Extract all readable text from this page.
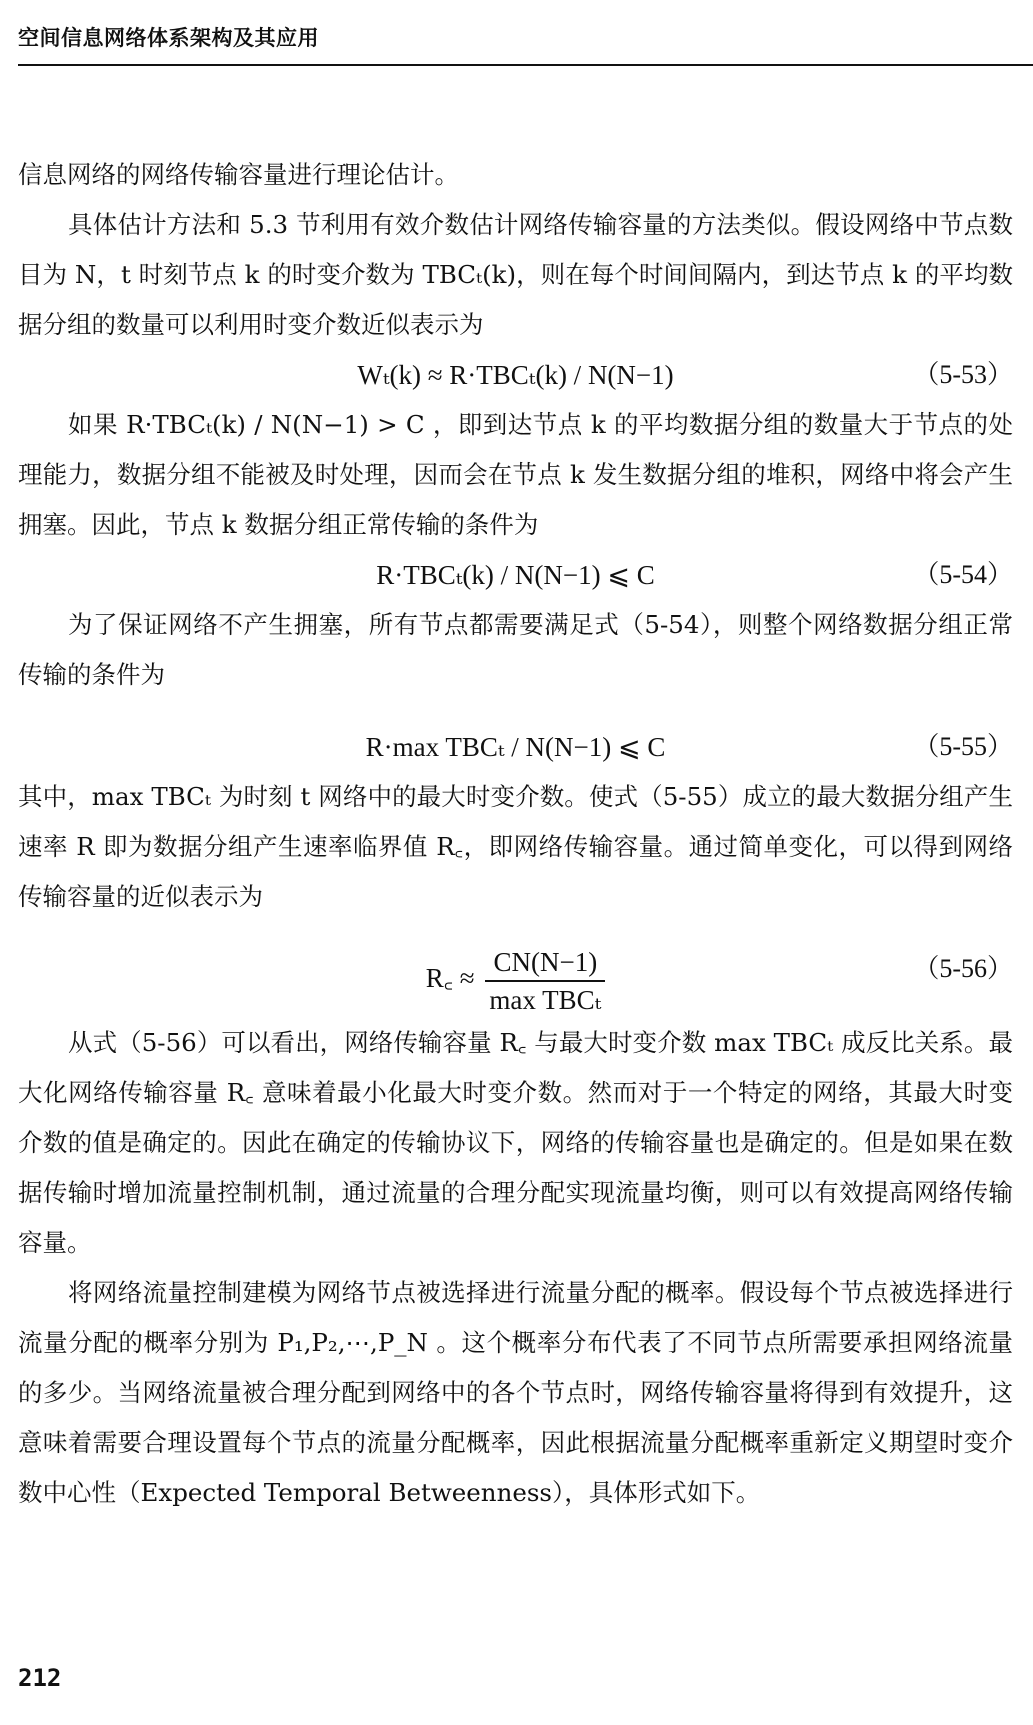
空间信息网络体系架构及其应用

信息网络的网络传输容量进行理论估计。

具体估计方法和 5.3 节利用有效介数估计网络传输容量的方法类似。假设网络中节点数目为 N，t 时刻节点 k 的时变介数为 TBCₜ(k)，则在每个时间间隔内，到达节点 k 的平均数据分组的数量可以利用时变介数近似表示为

Wₜ(k) ≈ R·TBCₜ(k) / N(N−1)	（5-53）

如果 R·TBCₜ(k) / N(N−1) > C ，即到达节点 k 的平均数据分组的数量大于节点的处理能力，数据分组不能被及时处理，因而会在节点 k 发生数据分组的堆积，网络中将会产生拥塞。因此，节点 k 数据分组正常传输的条件为

R·TBCₜ(k) / N(N−1) ⩽ C	（5-54）

为了保证网络不产生拥塞，所有节点都需要满足式（5-54），则整个网络数据分组正常传输的条件为

R·max TBCₜ / N(N−1) ⩽ C	（5-55）

其中，max TBCₜ 为时刻 t 网络中的最大时变介数。使式（5-55）成立的最大数据分组产生速率 R 即为数据分组产生速率临界值 R꜀，即网络传输容量。通过简单变化，可以得到网络传输容量的近似表示为

R꜀ ≈ $\frac{CN(N-1)}{\text{max TBCₜ}}$	（5-56）

从式（5-56）可以看出，网络传输容量 R꜀ 与最大时变介数 max TBCₜ 成反比关系。最大化网络传输容量 R꜀ 意味着最小化最大时变介数。然而对于一个特定的网络，其最大时变介数的值是确定的。因此在确定的传输协议下，网络的传输容量也是确定的。但是如果在数据传输时增加流量控制机制，通过流量的合理分配实现流量均衡，则可以有效提高网络传输容量。

将网络流量控制建模为网络节点被选择进行流量分配的概率。假设每个节点被选择进行流量分配的概率分别为 P₁,P₂,⋯,P_N 。这个概率分布代表了不同节点所需要承担网络流量的多少。当网络流量被合理分配到网络中的各个节点时，网络传输容量将得到有效提升，这意味着需要合理设置每个节点的流量分配概率，因此根据流量分配概率重新定义期望时变介数中心性（Expected Temporal Betweenness），具体形式如下。

212
